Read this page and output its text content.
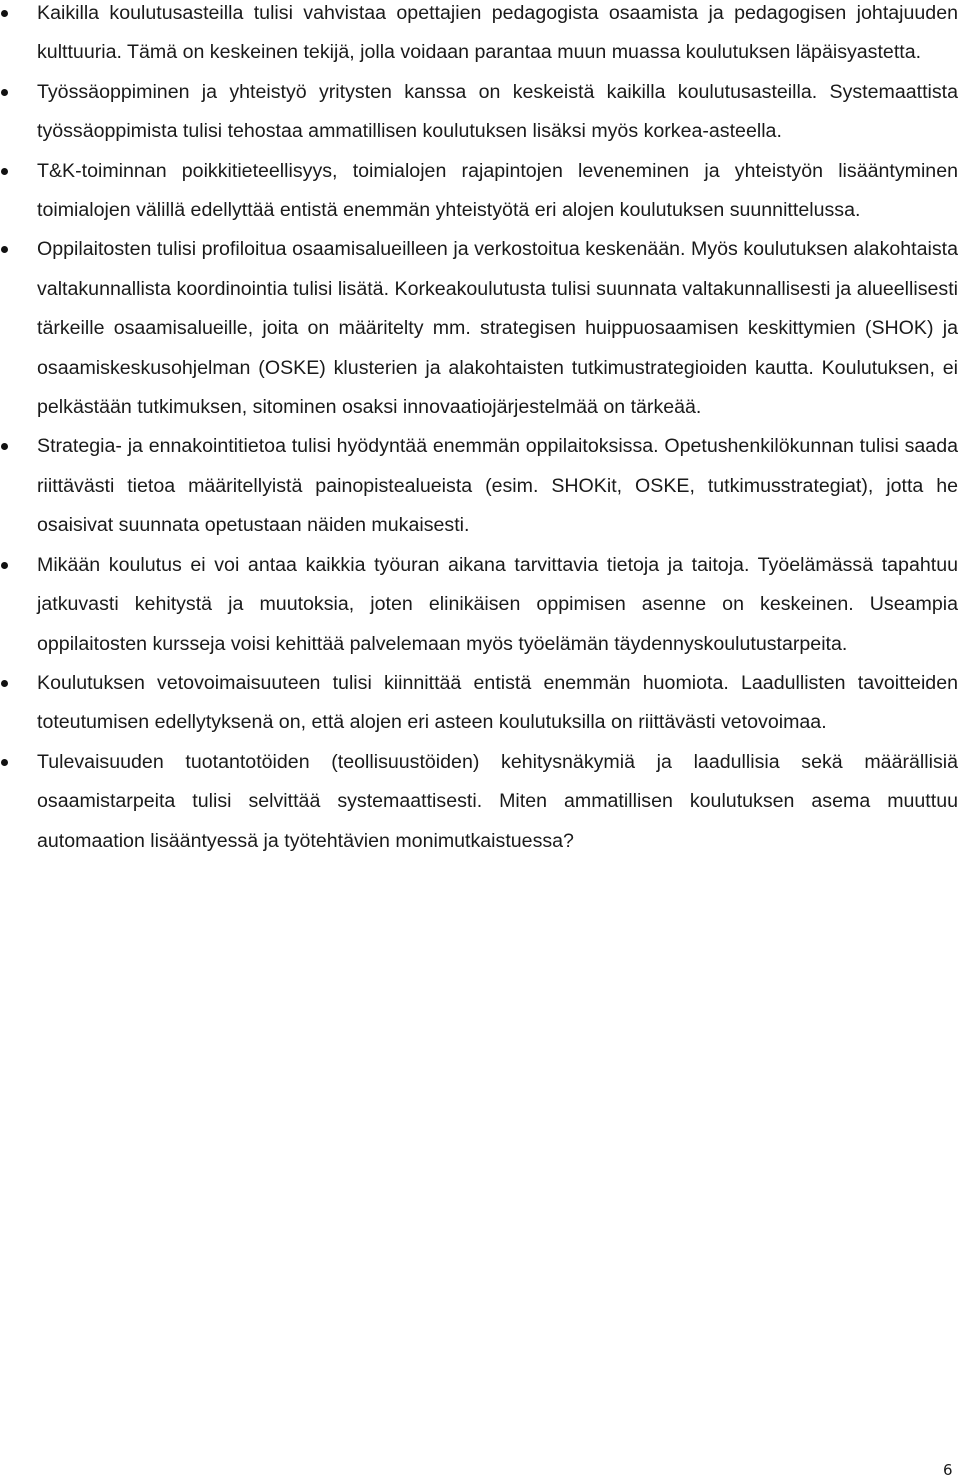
Kaikilla koulutusasteilla tulisi vahvistaa opettajien pedagogista osaamista ja pedagogisen johtajuuden kulttuuria. Tämä on keskeinen tekijä, jolla voidaan parantaa muun muassa koulutuksen läpäisyastetta.
Työssäoppiminen ja yhteistyö yritysten kanssa on keskeistä kaikilla koulutusasteilla. Systemaattista työssäoppimista tulisi tehostaa ammatillisen koulutuksen lisäksi myös korkea-asteella.
T&K-toiminnan poikkitieteellisyys, toimialojen rajapintojen leveneminen ja yhteistyön lisääntyminen toimialojen välillä edellyttää entistä enemmän yhteistyötä eri alojen koulutuksen suunnittelussa.
Oppilaitosten tulisi profiloitua osaamisalueilleen ja verkostoitua keskenään. Myös koulutuksen alakohtaista valtakunnallista koordinointia tulisi lisätä. Korkeakoulutusta tulisi suunnata valtakunnallisesti ja alueellisesti tärkeille osaamisalueille, joita on määritelty mm. strategisen huippuosaamisen keskittymien (SHOK) ja osaamiskeskusohjelman (OSKE) klusterien ja alakohtaisten tutkimustrategioiden kautta. Koulutuksen, ei pelkästään tutkimuksen, sitominen osaksi innovaatiojärjestelmää on tärkeää.
Strategia- ja ennakointitietoa tulisi hyödyntää enemmän oppilaitoksissa. Opetushenkilökunnan tulisi saada riittävästi tietoa määritellyistä painopistealueista (esim. SHOKit, OSKE, tutkimusstrategiat), jotta he osaisivat suunnata opetustaan näiden mukaisesti.
Mikään koulutus ei voi antaa kaikkia työuran aikana tarvittavia tietoja ja taitoja. Työelämässä tapahtuu jatkuvasti kehitystä ja muutoksia, joten elinikäisen oppimisen asenne on keskeinen. Useampia oppilaitosten kursseja voisi kehittää palvelemaan myös työelämän täydennyskoulutustarpeita.
Koulutuksen vetovoimaisuuteen tulisi kiinnittää entistä enemmän huomiota. Laadullisten tavoitteiden toteutumisen edellytyksenä on, että alojen eri asteen koulutuksilla on riittävästi vetovoimaa.
Tulevaisuuden tuotantotöiden (teollisuustöiden) kehitysnäkymiä ja laadullisia sekä määrällisiä osaamistarpeita tulisi selvittää systemaattisesti. Miten ammatillisen koulutuksen asema muuttuu automaation lisääntyessä ja työtehtävien monimutkaistuessa?
6
